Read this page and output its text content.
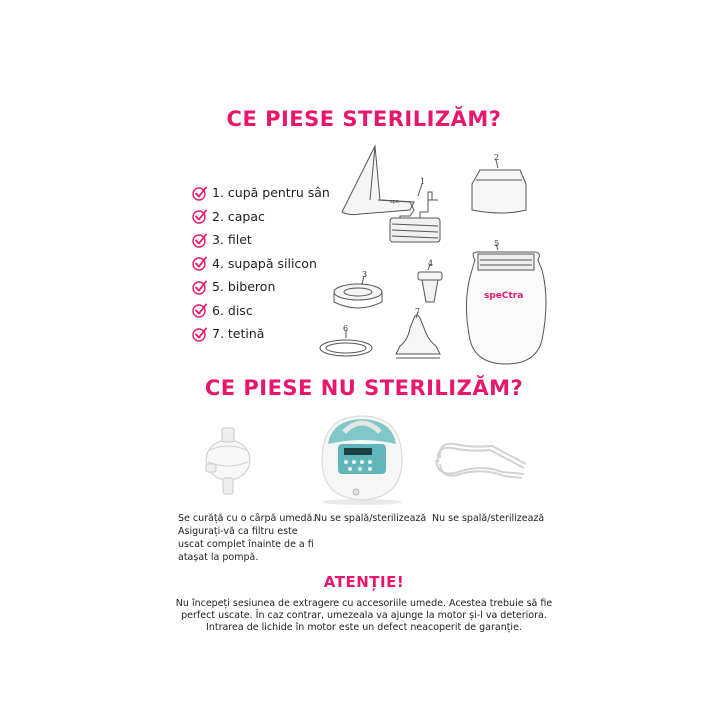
CE PIESE STERILIZĂM?
1. cupă pentru sân
2. capac
3. filet
4. supapă silicon
5. biberon
6. disc
7. tetină
spe
1
2
3
4
5
6
7
speCtra
CE PIESE NU STERILIZĂM?
Se curăță cu o cârpă umedă.
Asigurați-vă ca filtru este
uscat complet înainte de a fi
atașat la pompă.
Nu se spală/sterilizează Nu se spală/sterilizează
ATENȚIE!
Nu începeți sesiunea de extragere cu accesoriile umede. Acestea trebuie să fie
perfect uscate. În caz contrar, umezeala va ajunge la motor și-l va deteriora.
Intrarea de lichide în motor este un defect neacoperit de garanție.
